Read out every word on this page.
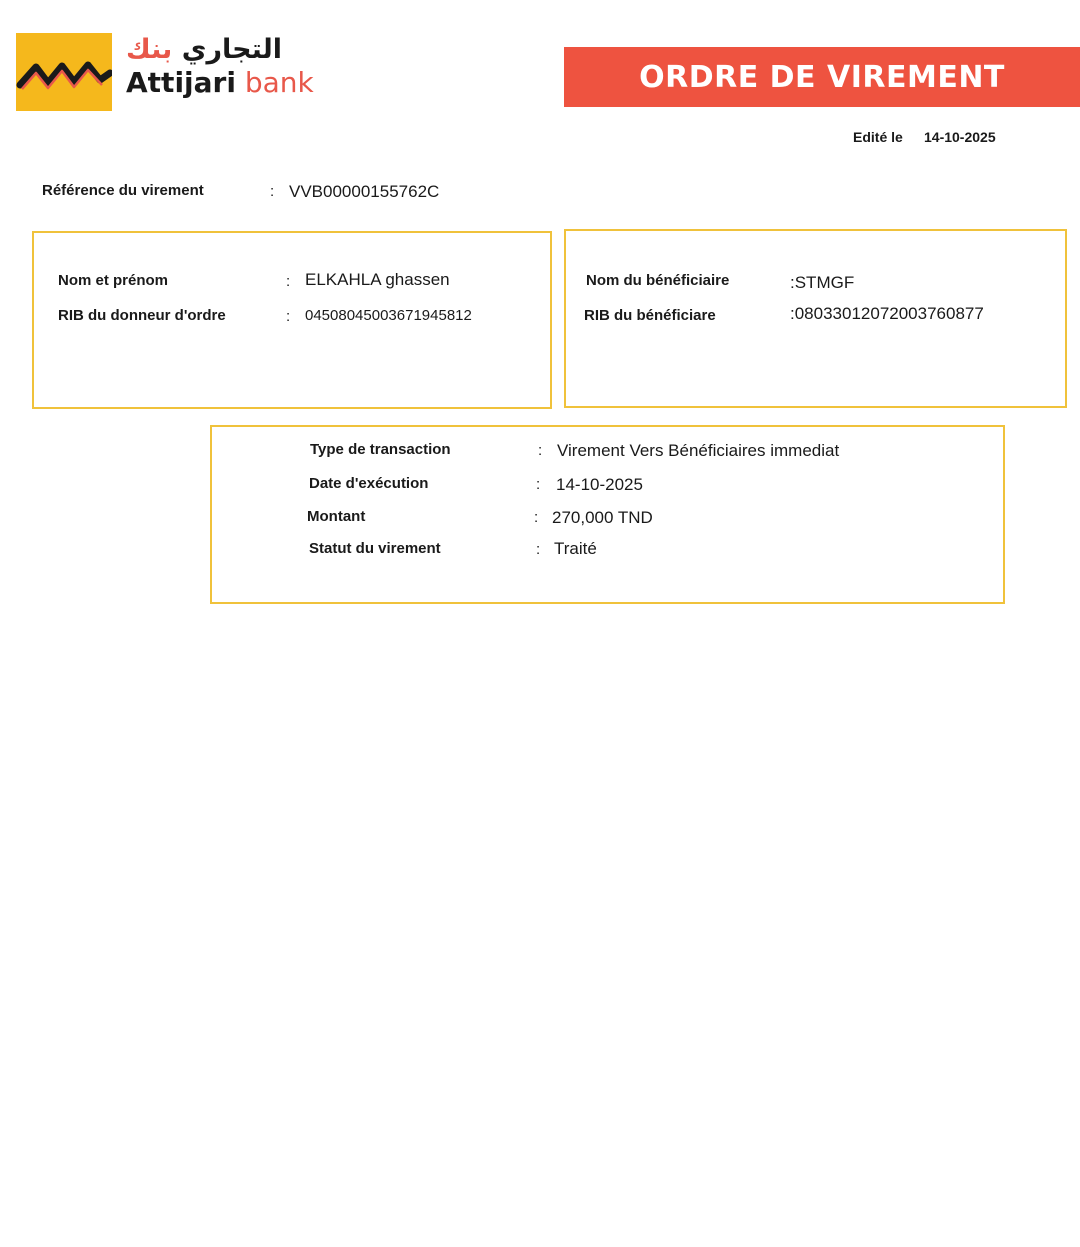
التجاري بنك
Attijari bank	ORDRE DE VIREMENT
Edité le 14-10-2025
Référence du virement	: VVB00000155762C
Nom et prénom	: ELKAHLA ghassen
RIB du donneur d'ordre	: 04508045003671945812
Nom du bénéficiaire	:STMGF
RIB du bénéficiare	:08033012072003760877
Type de transaction	: Virement Vers Bénéficiaires immediat
Date d'exécution	: 14-10-2025
Montant	: 270,000 TND
Statut du virement	: Traité
